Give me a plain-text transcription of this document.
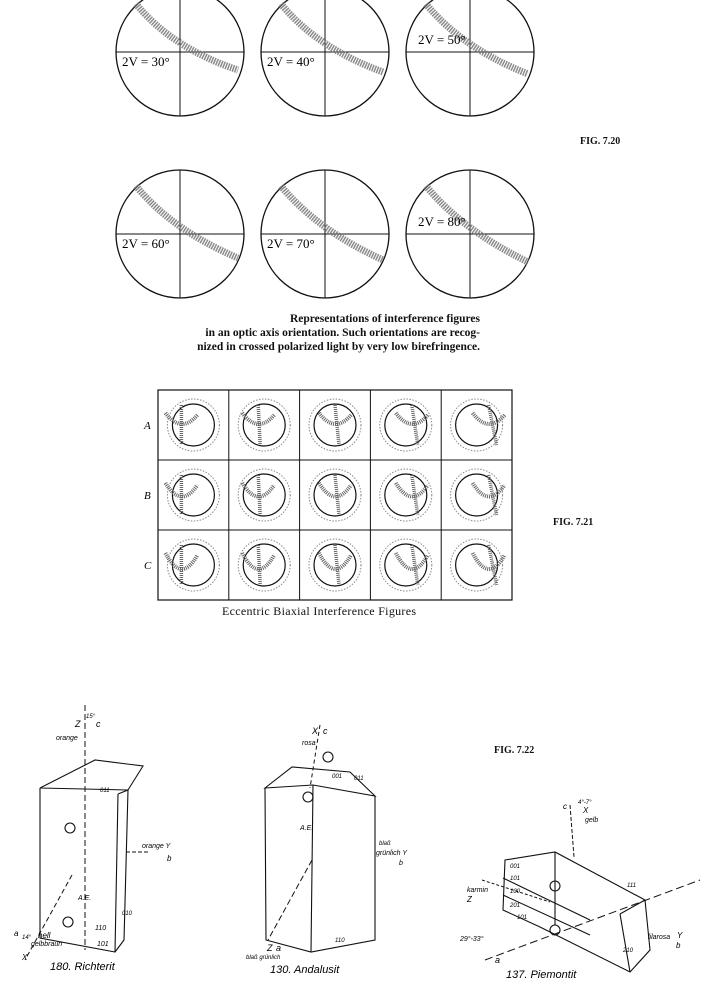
2V = 30°	2V = 40°
2V = 50°
2V = 60°	2V = 70°
2V = 80°
FIG. 7.20
Representations of interference figures
in an optic axis orientation. Such orientations are recog-
nized in crossed polarized light by very low birefringence.
A
B
C
FIG. 7.21
Eccentric Biaxial Interference Figures
FIG. 7.22
Z c
15°
orange
011
orange Y
b
A.E.
010
110
101
a 14° hell
gelbbraun
X
180. Richterit
X c
rosa
001 011
A.E.
blaß
grünlich Y
b
Z a
blaß grünlich
110
130. Andalusit
c 4°-7°
X
gelb
001
101
100
201
101
karmin
Z
29°-33°
a
111
210
lilarosa Y
b
137. Piemontit
